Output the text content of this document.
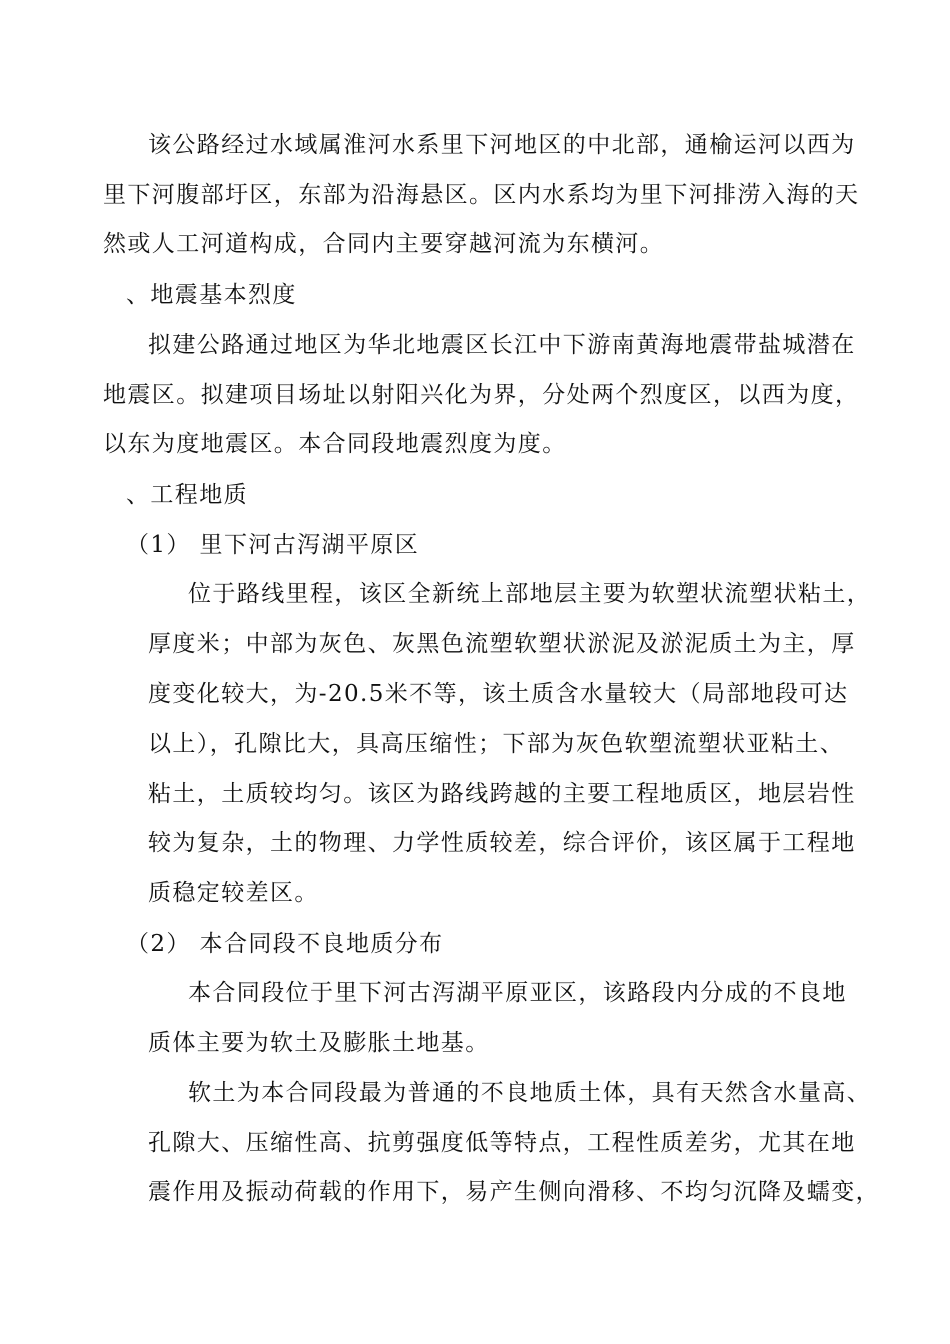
该公路经过水域属淮河水系里下河地区的中北部，通榆运河以西为
里下河腹部圩区，东部为沿海悬区。区内水系均为里下河排涝入海的天
然或人工河道构成，合同内主要穿越河流为东横河。
、地震基本烈度
拟建公路通过地区为华北地震区长江中下游南黄海地震带盐城潜在
地震区。拟建项目场址以射阳兴化为界，分处两个烈度区，以西为度，
以东为度地震区。本合同段地震烈度为度。
、工程地质
（1） 里下河古泻湖平原区
位于路线里程，该区全新统上部地层主要为软塑状流塑状粘土，
厚度米；中部为灰色、灰黑色流塑软塑状淤泥及淤泥质土为主，厚
度变化较大，为-20.5米不等，该土质含水量较大（局部地段可达
以上），孔隙比大，具高压缩性；下部为灰色软塑流塑状亚粘土、
粘土，土质较均匀。该区为路线跨越的主要工程地质区，地层岩性
较为复杂，土的物理、力学性质较差，综合评价，该区属于工程地
质稳定较差区。
（2） 本合同段不良地质分布
本合同段位于里下河古泻湖平原亚区，该路段内分成的不良地
质体主要为软土及膨胀土地基。
软土为本合同段最为普通的不良地质土体，具有天然含水量高、
孔隙大、压缩性高、抗剪强度低等特点，工程性质差劣，尤其在地
震作用及振动荷载的作用下，易产生侧向滑移、不均匀沉降及蠕变，
